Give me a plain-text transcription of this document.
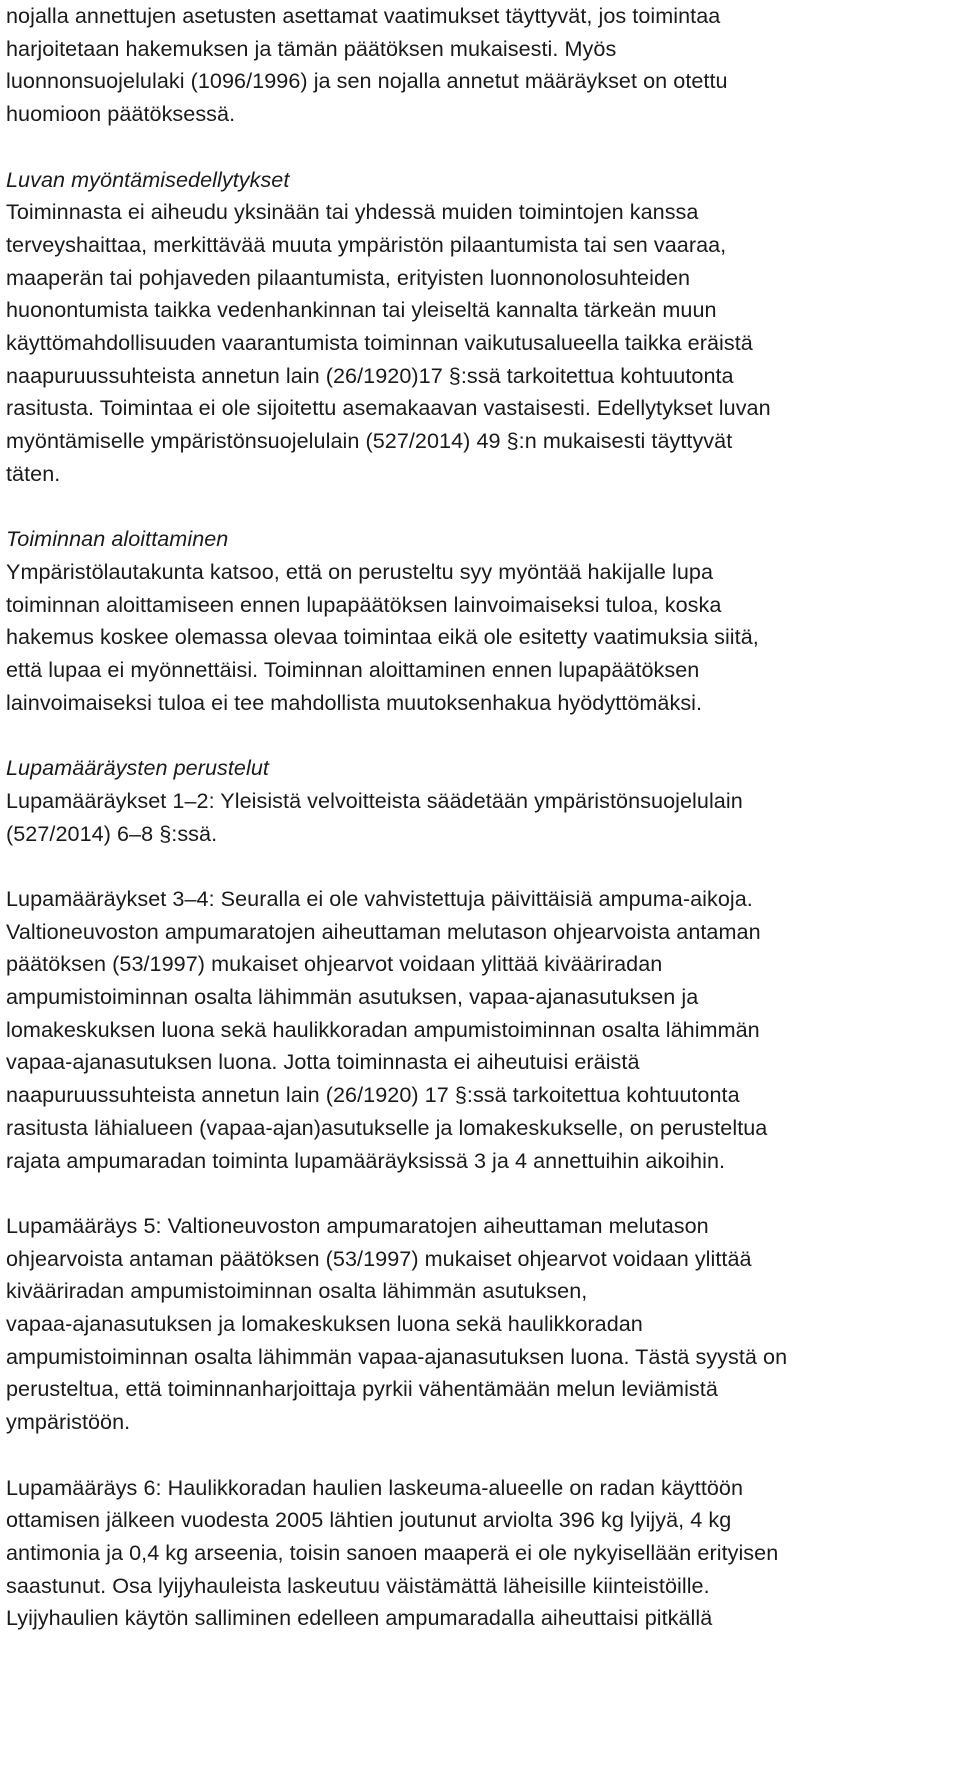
nojalla annettujen asetusten asettamat vaatimukset täyttyvät, jos toimintaa
harjoitetaan hakemuksen ja tämän päätöksen mukaisesti. Myös
luonnonsuojelulaki (1096/1996) ja sen nojalla annetut määräykset on otettu
huomioon päätöksessä.
Luvan myöntämisedellytykset
Toiminnasta ei aiheudu yksinään tai yhdessä muiden toimintojen kanssa
terveyshaittaa, merkittävää muuta ympäristön pilaantumista tai sen vaaraa,
maaperän tai pohjaveden pilaantumista, erityisten luonnonolosuhteiden
huonontumista taikka vedenhankinnan tai yleiseltä kannalta tärkeän muun
käyttömahdollisuuden vaarantumista toiminnan vaikutusalueella taikka eräistä
naapuruussuhteista annetun lain (26/1920)17 §:ssä tarkoitettua kohtuutonta
rasitusta. Toimintaa ei ole sijoitettu asemakaavan vastaisesti. Edellytykset luvan
myöntämiselle ympäristönsuojelulain (527/2014) 49 §:n mukaisesti täyttyvät
täten.
Toiminnan aloittaminen
Ympäristölautakunta katsoo, että on perusteltu syy myöntää hakijalle lupa
toiminnan aloittamiseen ennen lupapäätöksen lainvoimaiseksi tuloa, koska
hakemus koskee olemassa olevaa toimintaa eikä ole esitetty vaatimuksia siitä,
että lupaa ei myönnettäisi. Toiminnan aloittaminen ennen lupapäätöksen
lainvoimaiseksi tuloa ei tee mahdollista muutoksenhakua hyödyttömäksi.
Lupamääräysten perustelut
Lupamääräykset 1–2: Yleisistä velvoitteista säädetään ympäristönsuojelulain
(527/2014) 6–8 §:ssä.
Lupamääräykset 3–4: Seuralla ei ole vahvistettuja päivittäisiä ampuma-aikoja.
Valtioneuvoston ampumaratojen aiheuttaman melutason ohjearvoista antaman
päätöksen (53/1997) mukaiset ohjearvot voidaan ylittää kivääriradan
ampumistoiminnan osalta lähimmän asutuksen, vapaa-ajanasutuksen ja
lomakeskuksen luona sekä haulikkoradan ampumistoiminnan osalta lähimmän
vapaa-ajanasutuksen luona. Jotta toiminnasta ei aiheutuisi eräistä
naapuruussuhteista annetun lain (26/1920) 17 §:ssä tarkoitettua kohtuutonta
rasitusta lähialueen (vapaa-ajan)asutukselle ja lomakeskukselle, on perusteltua
rajata ampumaradan toiminta lupamääräyksissä 3 ja 4 annettuihin aikoihin.
Lupamääräys 5: Valtioneuvoston ampumaratojen aiheuttaman melutason
ohjearvoista antaman päätöksen (53/1997) mukaiset ohjearvot voidaan ylittää
kivääriradan ampumistoiminnan osalta lähimmän asutuksen,
vapaa-ajanasutuksen ja lomakeskuksen luona sekä haulikkoradan
ampumistoiminnan osalta lähimmän vapaa-ajanasutuksen luona. Tästä syystä on
perusteltua, että toiminnanharjoittaja pyrkii vähentämään melun leviämistä
ympäristöön.
Lupamääräys 6: Haulikkoradan haulien laskeuma-alueelle on radan käyttöön
ottamisen jälkeen vuodesta 2005 lähtien joutunut arviolta 396 kg lyijyä, 4 kg
antimonia ja 0,4 kg arseenia, toisin sanoen maaperä ei ole nykyisellään erityisen
saastunut. Osa lyijyhauleista laskeutuu väistämättä läheisille kiinteistöille.
Lyijyhaulien käytön salliminen edelleen ampumaradalla aiheuttaisi pitkällä
